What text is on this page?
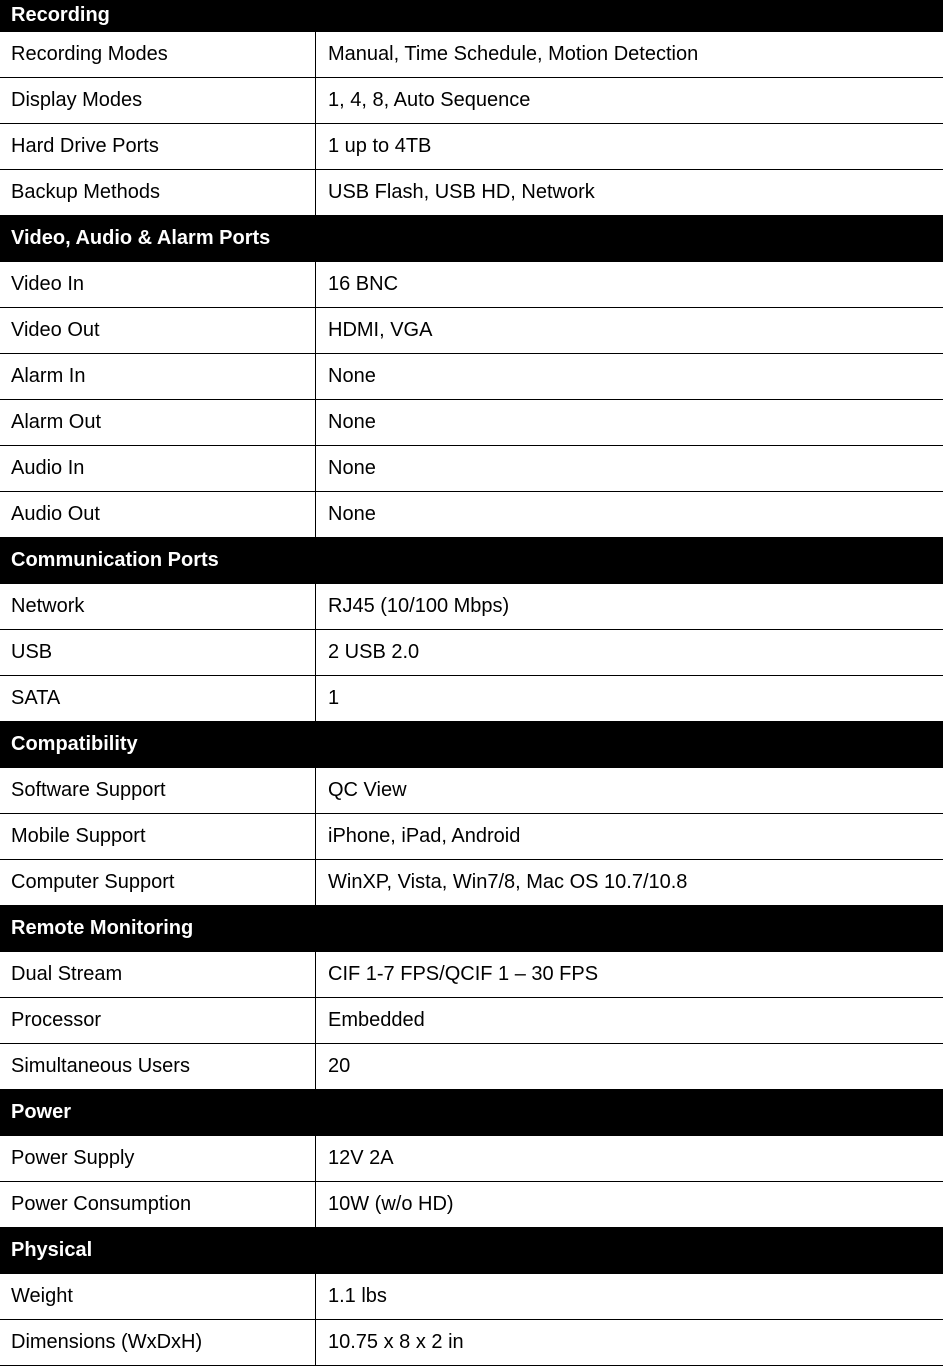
Recording
Recording Modes	Manual, Time Schedule, Motion Detection
Display Modes	1, 4, 8, Auto Sequence
Hard Drive Ports	1 up to 4TB
Backup Methods	USB Flash, USB HD, Network
Video, Audio & Alarm Ports
Video In	16 BNC
Video Out	HDMI, VGA
Alarm In	None
Alarm Out	None
Audio In	None
Audio Out	None
Communication Ports
Network	RJ45 (10/100 Mbps)
USB	2 USB 2.0
SATA	1
Compatibility
Software Support	QC View
Mobile Support	iPhone, iPad, Android
Computer Support	WinXP, Vista, Win7/8, Mac OS 10.7/10.8
Remote Monitoring
Dual Stream	CIF 1-7 FPS/QCIF 1 – 30 FPS
Processor	Embedded
Simultaneous Users	20
Power
Power Supply	12V 2A
Power Consumption	10W (w/o HD)
Physical
Weight	1.1 lbs
Dimensions (WxDxH)	10.75 x 8 x 2 in
